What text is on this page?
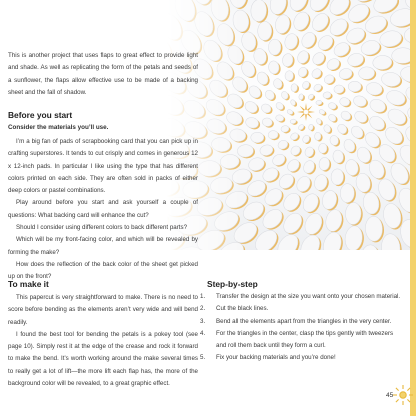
This is another project that uses flaps to great effect to provide light and shade. As well as replicating the form of the petals and seeds of a sunflower, the flaps allow effective use to be made of a backing sheet and the fall of shadow.

Before you start

Consider the materials you’ll use.

I’m a big fan of pads of scrapbooking card that you can pick up in crafting superstores. It tends to cut crisply and comes in generous 12 x 12-inch pads. In particular I like using the type that has different colors printed on each side. They are often sold in packs of either deep colors or pastel combinations.

Play around before you start and ask yourself a couple of questions: What backing card will enhance the cut?

Should I consider using different colors to back different parts?

Which will be my front-facing color, and which will be revealed by forming the make?

How does the reflection of the back color of the sheet get picked up on the front?

To make it

This papercut is very straightforward to make. There is no need to score before bending as the elements aren’t very wide and will bend readily.

I found the best tool for bending the petals is a pokey tool (see page 10). Simply rest it at the edge of the crease and rock it forward to make the bend. It’s worth working around the make several times to really get a lot of lift—the more lift each flap has, the more of the background color will be revealed, to a great graphic effect.

Step-by-step
1.	Transfer the design at the size you want onto your chosen material.
2.	Cut the black lines.
3.	Bend all the elements apart from the triangles in the very center.
4.	For the triangles in the center, clasp the tips gently with tweezers and roll them back until they form a curl.
5.	Fix your backing materials and you’re done!
45
